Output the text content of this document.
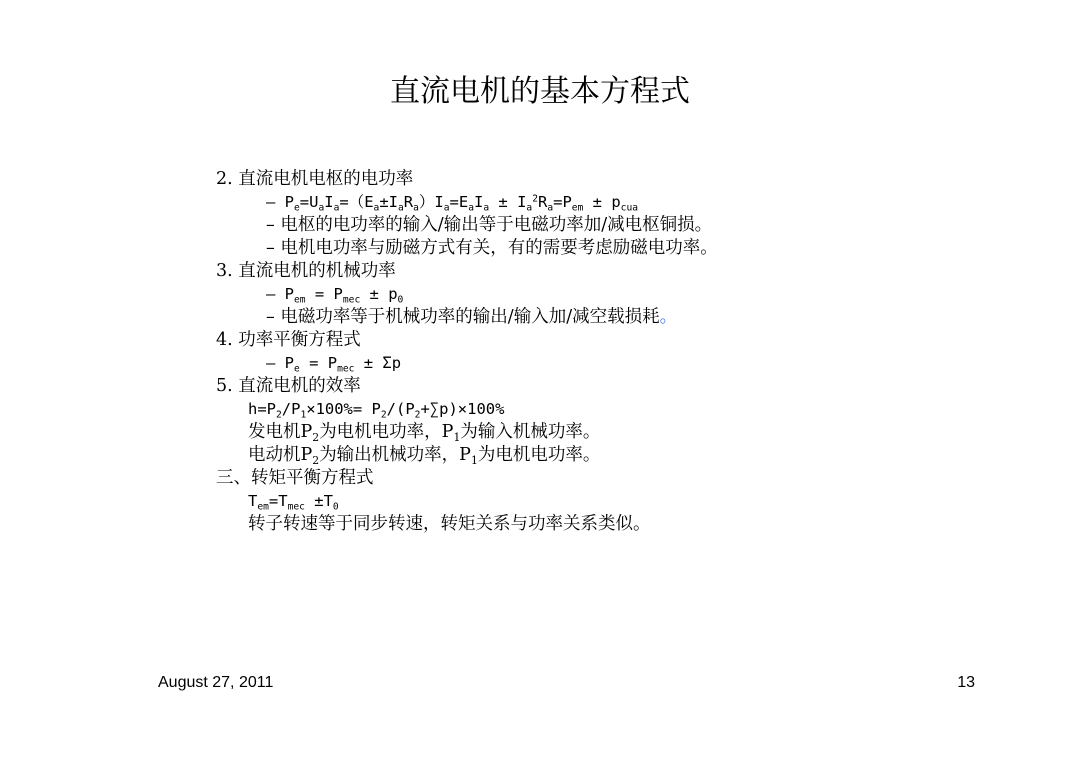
直流电机的基本方程式
2. 直流电机电枢的电功率
– $P_e=U_aI_a=(E_a\pm I_aR_a)I_a=E_aI_a \pm I_a^2R_a=P_{em} \pm p_{cua}$
– 电枢的电功率的输入/输出等于电磁功率加/减电枢铜损。
– 电机电功率与励磁方式有关，有的需要考虑励磁电功率。
3. 直流电机的机械功率
– $P_{em} = P_{mec} \pm p_0$
– 电磁功率等于机械功率的输出/输入加/减空载损耗。
4. 功率平衡方程式
– $P_e = P_{mec} \pm \Sigma p$
5. 直流电机的效率
$h=P_2/P_1\times 100\%= P_2/(P_2+\sum p)\times 100\%$
发电机$P_2$为电机电功率，$P_1$为输入机械功率。
电动机$P_2$为输出机械功率，$P_1$为电机电功率。
三、转矩平衡方程式
$T_{em}=T_{mec} \pm T_0$
转子转速等于同步转速，转矩关系与功率关系类似。
August 27, 2011	13
